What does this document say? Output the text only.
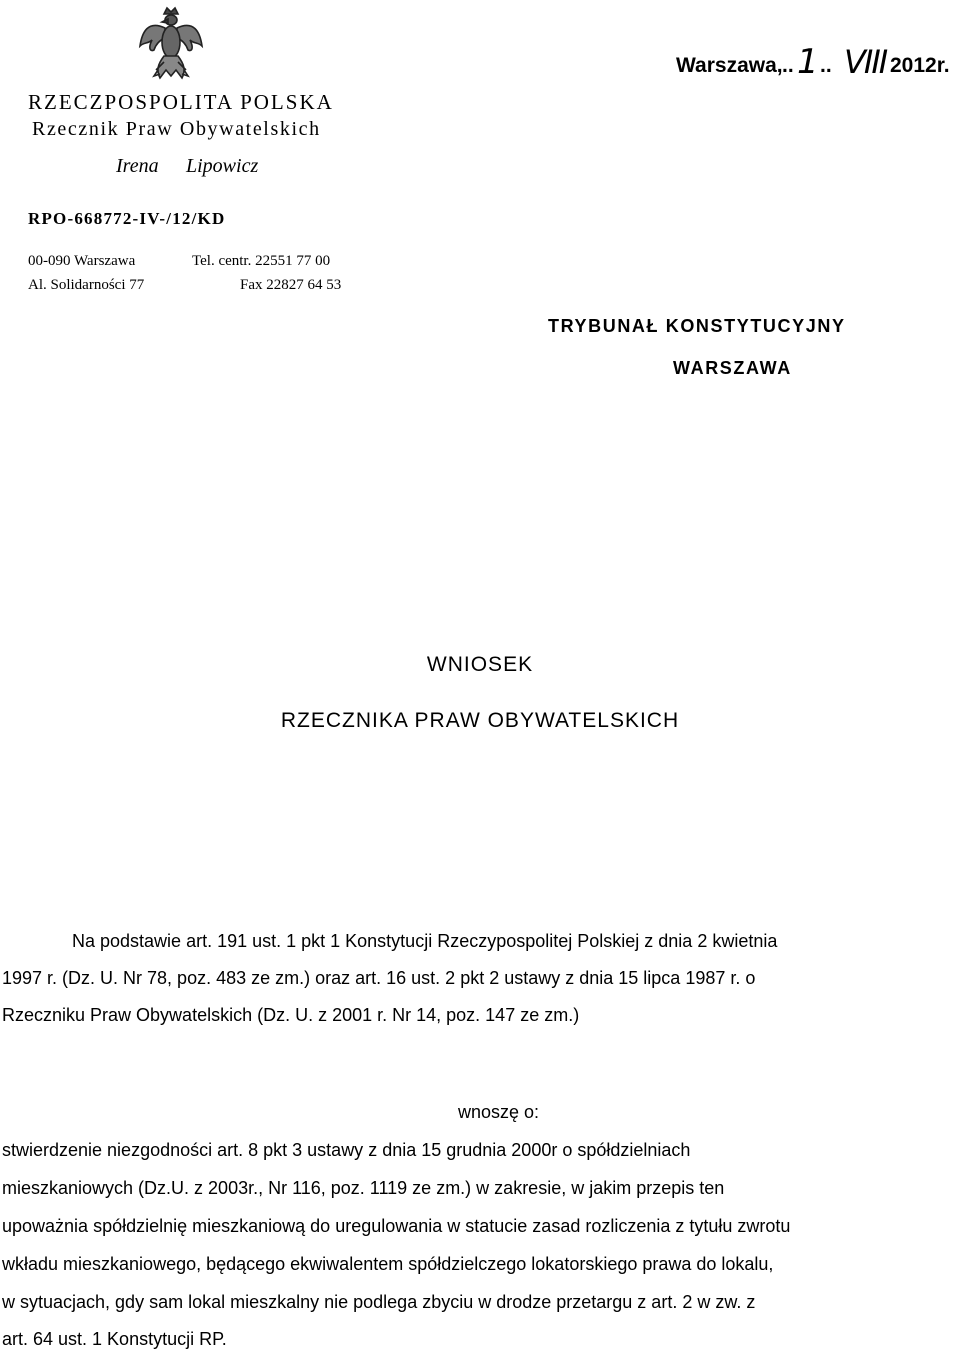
RZECZPOSPOLITA POLSKA
Rzecznik Praw Obywatelskich
Irena Lipowicz
RPO-668772-IV-/12/KD
00-090 Warszawa
Al. Solidarności 77
Tel. centr. 22551 77 00
Fax 22827 64 53
Warszawa, .. 1 .. VIII 2012r.
TRYBUNAŁ KONSTYTUCYJNY
WARSZAWA
WNIOSEK
RZECZNIKA PRAW OBYWATELSKICH
Na podstawie art. 191 ust. 1 pkt 1 Konstytucji Rzeczypospolitej Polskiej z dnia 2 kwietnia
1997 r. (Dz. U. Nr 78, poz. 483 ze zm.) oraz art. 16 ust. 2 pkt 2 ustawy z dnia 15 lipca 1987 r. o
Rzeczniku Praw Obywatelskich (Dz. U. z 2001 r. Nr 14, poz. 147 ze zm.)
wnoszę o:
stwierdzenie niezgodności art. 8 pkt 3 ustawy z dnia 15 grudnia 2000r o spółdzielniach
mieszkaniowych (Dz.U. z 2003r., Nr 116, poz. 1119 ze zm.) w zakresie, w jakim przepis ten
upoważnia spółdzielnię mieszkaniową do uregulowania w statucie zasad rozliczenia z tytułu zwrotu
wkładu mieszkaniowego, będącego ekwiwalentem spółdzielczego lokatorskiego prawa do lokalu,
w sytuacjach, gdy sam lokal mieszkalny nie podlega zbyciu w drodze przetargu z art. 2 w zw. z
art. 64 ust. 1 Konstytucji RP.
